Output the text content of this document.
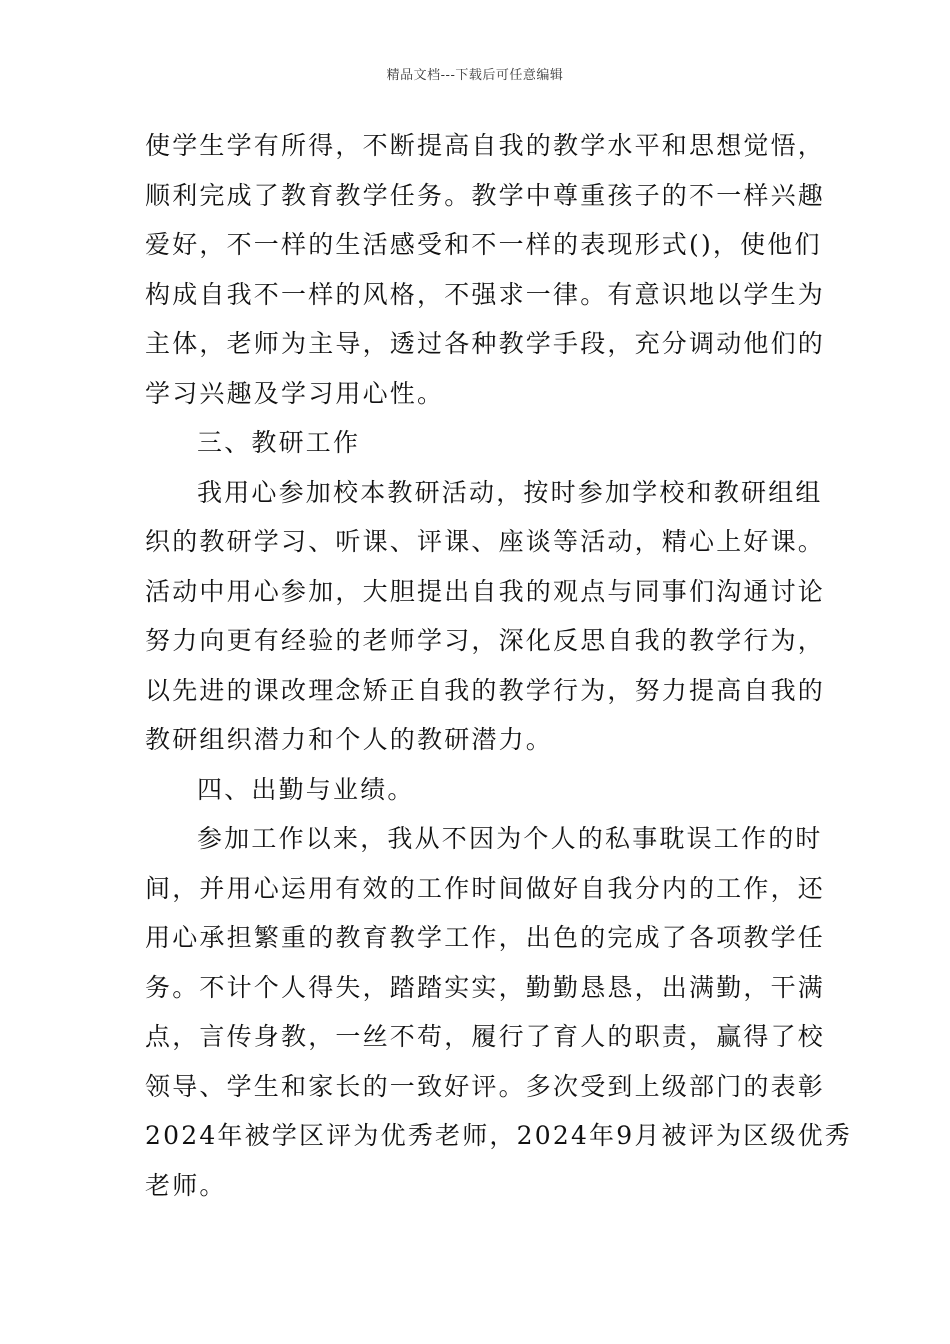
精品文档---下载后可任意编辑
使学生学有所得，不断提高自我的教学水平和思想觉悟，
顺利完成了教育教学任务。教学中尊重孩子的不一样兴趣
爱好，不一样的生活感受和不一样的表现形式()，使他们
构成自我不一样的风格，不强求一律。有意识地以学生为
主体，老师为主导，透过各种教学手段，充分调动他们的
学习兴趣及学习用心性。
三、教研工作
我用心参加校本教研活动，按时参加学校和教研组组
织的教研学习、听课、评课、座谈等活动，精心上好课。
活动中用心参加，大胆提出自我的观点与同事们沟通讨论
努力向更有经验的老师学习，深化反思自我的教学行为，
以先进的课改理念矫正自我的教学行为，努力提高自我的
教研组织潜力和个人的教研潜力。
四、出勤与业绩。
参加工作以来，我从不因为个人的私事耽误工作的时
间，并用心运用有效的工作时间做好自我分内的工作，还
用心承担繁重的教育教学工作，出色的完成了各项教学任
务。不计个人得失，踏踏实实，勤勤恳恳，出满勤，干满
点，言传身教，一丝不苟，履行了育人的职责，赢得了校
领导、学生和家长的一致好评。多次受到上级部门的表彰
2024年被学区评为优秀老师，2024年9月被评为区级优秀
老师。
